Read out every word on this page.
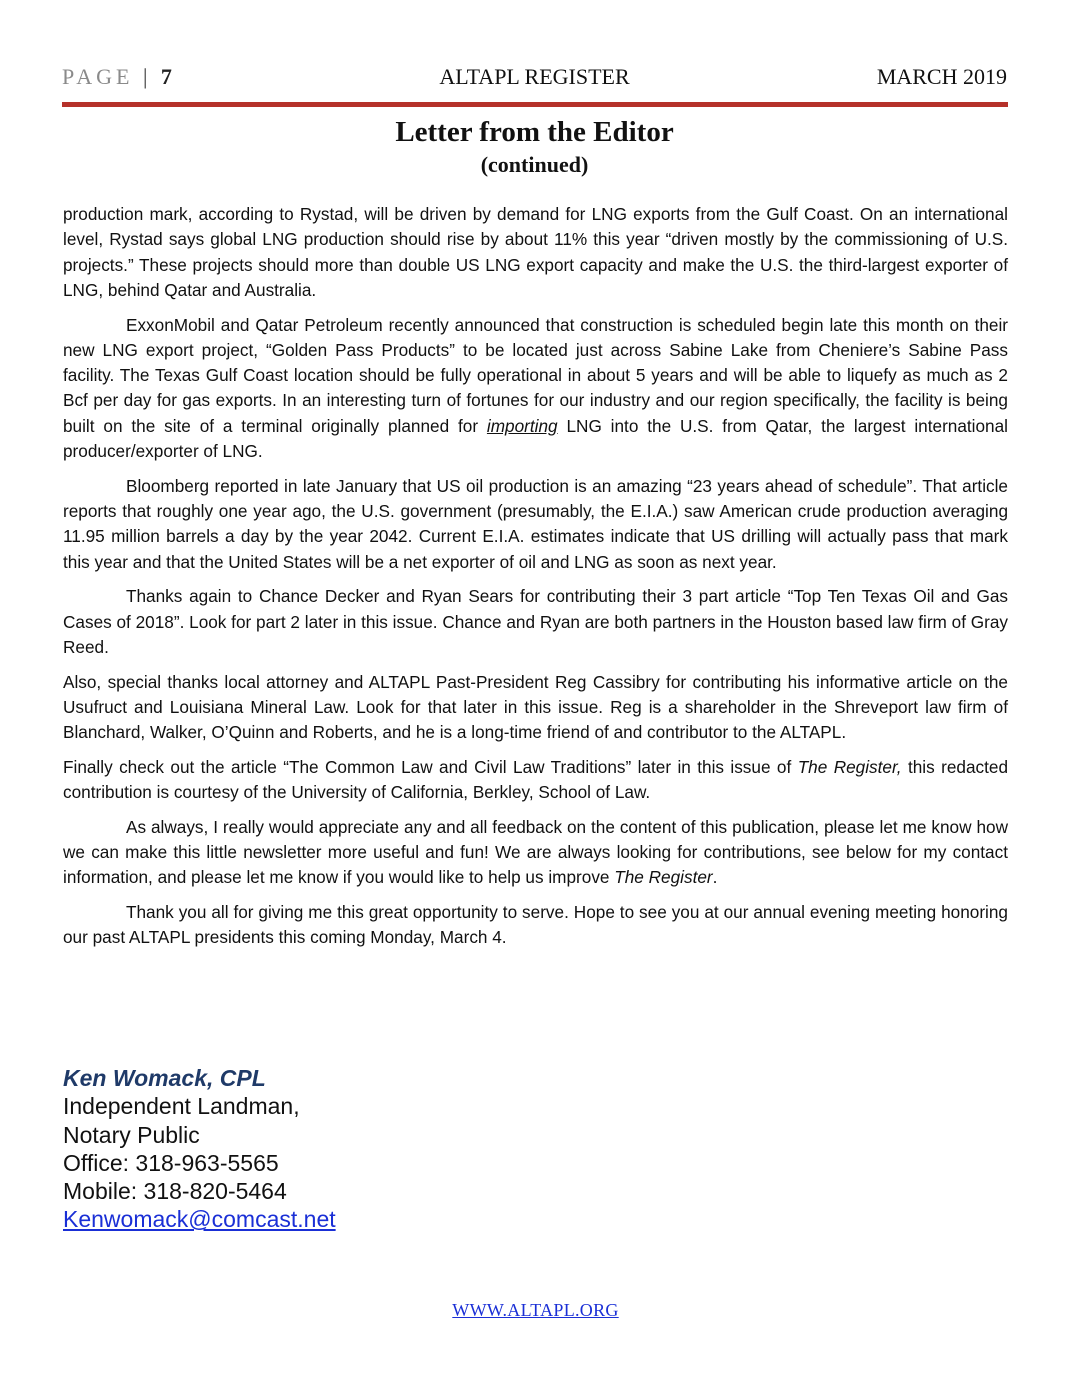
PAGE | 7	ALTAPL REGISTER	MARCH 2019
Letter from the Editor
(continued)

production mark, according to Rystad, will be driven by demand for LNG exports from the Gulf Coast. On an international level, Rystad says global LNG production should rise by about 11% this year “driven mostly by the commissioning of U.S. projects.” These projects should more than double US LNG export capacity and make the U.S. the third-largest exporter of LNG, behind Qatar and Australia.

ExxonMobil and Qatar Petroleum recently announced that construction is scheduled begin late this month on their new LNG export project, “Golden Pass Products” to be located just across Sabine Lake from Cheniere’s Sabine Pass facility. The Texas Gulf Coast location should be fully operational in about 5 years and will be able to liquefy as much as 2 Bcf per day for gas exports. In an interesting turn of fortunes for our industry and our region specifically, the facility is being built on the site of a terminal originally planned for importing LNG into the U.S. from Qatar, the largest international producer/exporter of LNG.

Bloomberg reported in late January that US oil production is an amazing “23 years ahead of schedule”. That article reports that roughly one year ago, the U.S. government (presumably, the E.I.A.) saw American crude production averaging 11.95 million barrels a day by the year 2042. Current E.I.A. estimates indicate that US drilling will actually pass that mark this year and that the United States will be a net exporter of oil and LNG as soon as next year.

Thanks again to Chance Decker and Ryan Sears for contributing their 3 part article “Top Ten Texas Oil and Gas Cases of 2018”. Look for part 2 later in this issue. Chance and Ryan are both partners in the Houston based law firm of Gray Reed.

Also, special thanks local attorney and ALTAPL Past-President Reg Cassibry for contributing his informative article on the Usufruct and Louisiana Mineral Law. Look for that later in this issue. Reg is a shareholder in the Shreveport law firm of Blanchard, Walker, O’Quinn and Roberts, and he is a long-time friend of and contributor to the ALTAPL.

Finally check out the article “The Common Law and Civil Law Traditions” later in this issue of The Register, this redacted contribution is courtesy of the University of California, Berkley, School of Law.

As always, I really would appreciate any and all feedback on the content of this publication, please let me know how we can make this little newsletter more useful and fun! We are always looking for contributions, see below for my contact information, and please let me know if you would like to help us improve The Register.

Thank you all for giving me this great opportunity to serve. Hope to see you at our annual evening meeting honoring our past ALTAPL presidents this coming Monday, March 4.

Ken Womack, CPL
Independent Landman,
Notary Public
Office: 318-963-5565
Mobile: 318-820-5464
Kenwomack@comcast.net
WWW.ALTAPL.ORG
